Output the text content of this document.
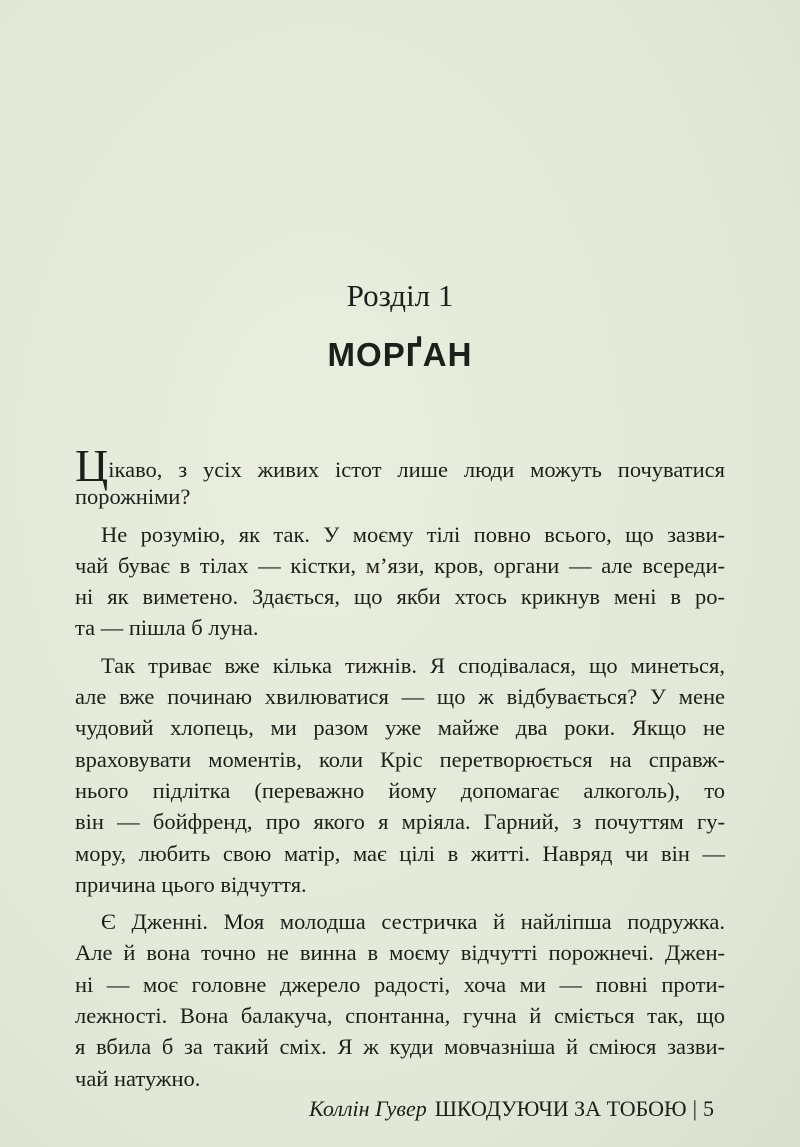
Розділ 1
МОРҐАН
Цікаво, з усіх живих істот лише люди можуть почуватися
порожніми?
Не розумію, як так. У моєму тілі повно всього, що зазви-
чай буває в тілах — кістки, м’язи, кров, органи — але всереди-
ні як виметено. Здається, що якби хтось крикнув мені в ро-
та — пішла б луна.
Так триває вже кілька тижнів. Я сподівалася, що минеться,
але вже починаю хвилюватися — що ж відбувається? У мене
чудовий хлопець, ми разом уже майже два роки. Якщо не
враховувати моментів, коли Кріс перетворюється на справж-
нього підлітка (переважно йому допомагає алкоголь), то
він — бойфренд, про якого я мріяла. Гарний, з почуттям гу-
мору, любить свою матір, має цілі в житті. Навряд чи він —
причина цього відчуття.
Є Дженні. Моя молодша сестричка й найліпша подружка.
Але й вона точно не винна в моєму відчутті порожнечі. Джен-
ні — моє головне джерело радості, хоча ми — повні проти-
лежності. Вона балакуча, спонтанна, гучна й сміється так, що
я вбила б за такий сміх. Я ж куди мовчазніша й сміюся зазви-
чай натужно.
Коллін Гувер ШКОДУЮЧИ ЗА ТОБОЮ | 5
